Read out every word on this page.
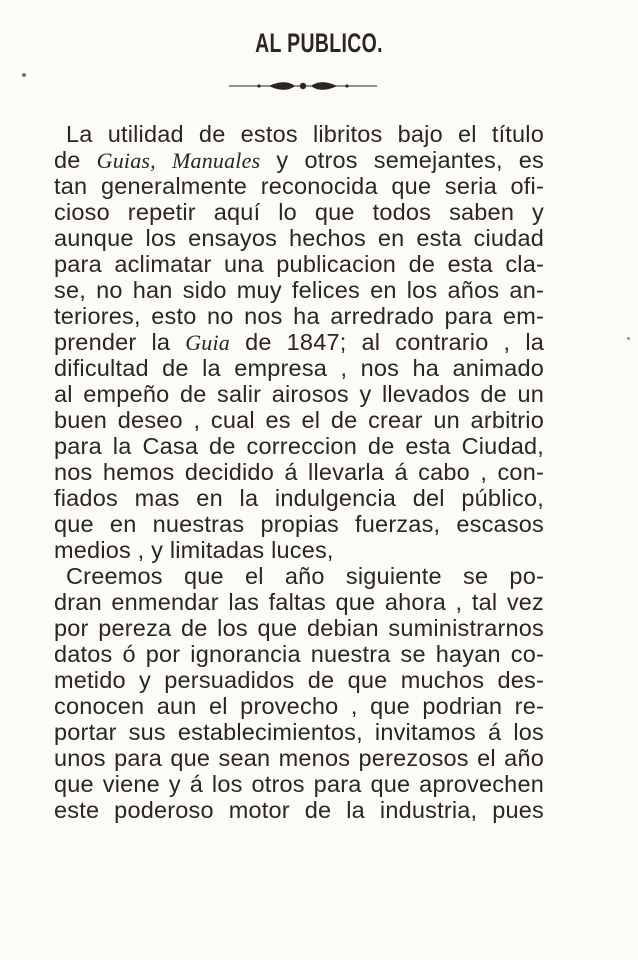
AL PUBLICO.
La utilidad de estos libritos bajo el título
de Guias, Manuales y otros semejantes, es
tan generalmente reconocida que seria ofi-
cioso repetir aquí lo que todos saben y
aunque los ensayos hechos en esta ciudad
para aclimatar una publicacion de esta cla-
se, no han sido muy felices en los años an-
teriores, esto no nos ha arredrado para em-
prender la Guia de 1847; al contrario , la
dificultad de la empresa , nos ha animado
al empeño de salir airosos y llevados de un
buen deseo , cual es el de crear un arbitrio
para la Casa de correccion de esta Ciudad,
nos hemos decidido á llevarla á cabo , con-
fiados mas en la indulgencia del público,
que en nuestras propias fuerzas, escasos
medios , y limitadas luces,
Creemos que el año siguiente se po-
dran enmendar las faltas que ahora , tal vez
por pereza de los que debian suministrarnos
datos ó por ignorancia nuestra se hayan co-
metido y persuadidos de que muchos des-
conocen aun el provecho , que podrian re-
portar sus establecimientos, invitamos á los
unos para que sean menos perezosos el año
que viene y á los otros para que aprovechen
este poderoso motor de la industria, pues
